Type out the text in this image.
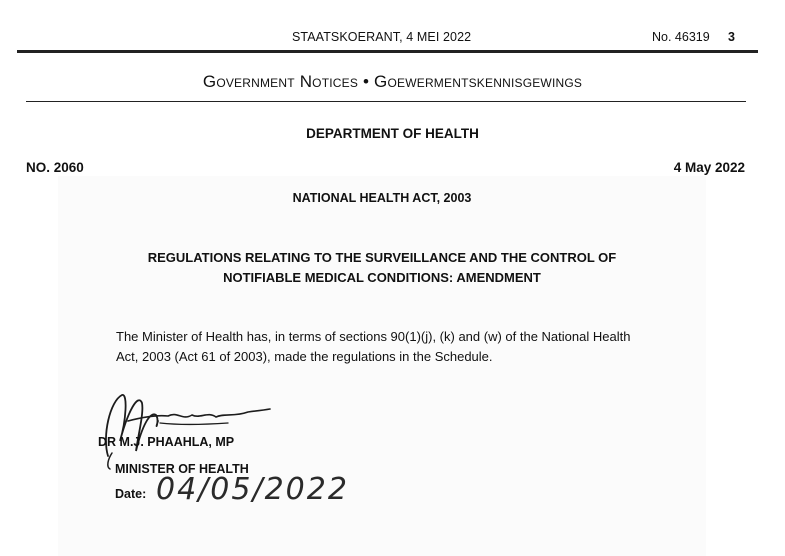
STAATSKOERANT, 4 MEI 2022	No. 46319 3
Government Notices • Goewermentskennisgewings
DEPARTMENT OF HEALTH
NO. 2060	4 May 2022
NATIONAL HEALTH ACT, 2003
REGULATIONS RELATING TO THE SURVEILLANCE AND THE CONTROL OF
NOTIFIABLE MEDICAL CONDITIONS: AMENDMENT
The Minister of Health has, in terms of sections 90(1)(j), (k) and (w) of the National Health
Act, 2003 (Act 61 of 2003), made the regulations in the Schedule.
DR M.J. PHAAHLA, MP
MINISTER OF HEALTH
Date: 04/05/2022
